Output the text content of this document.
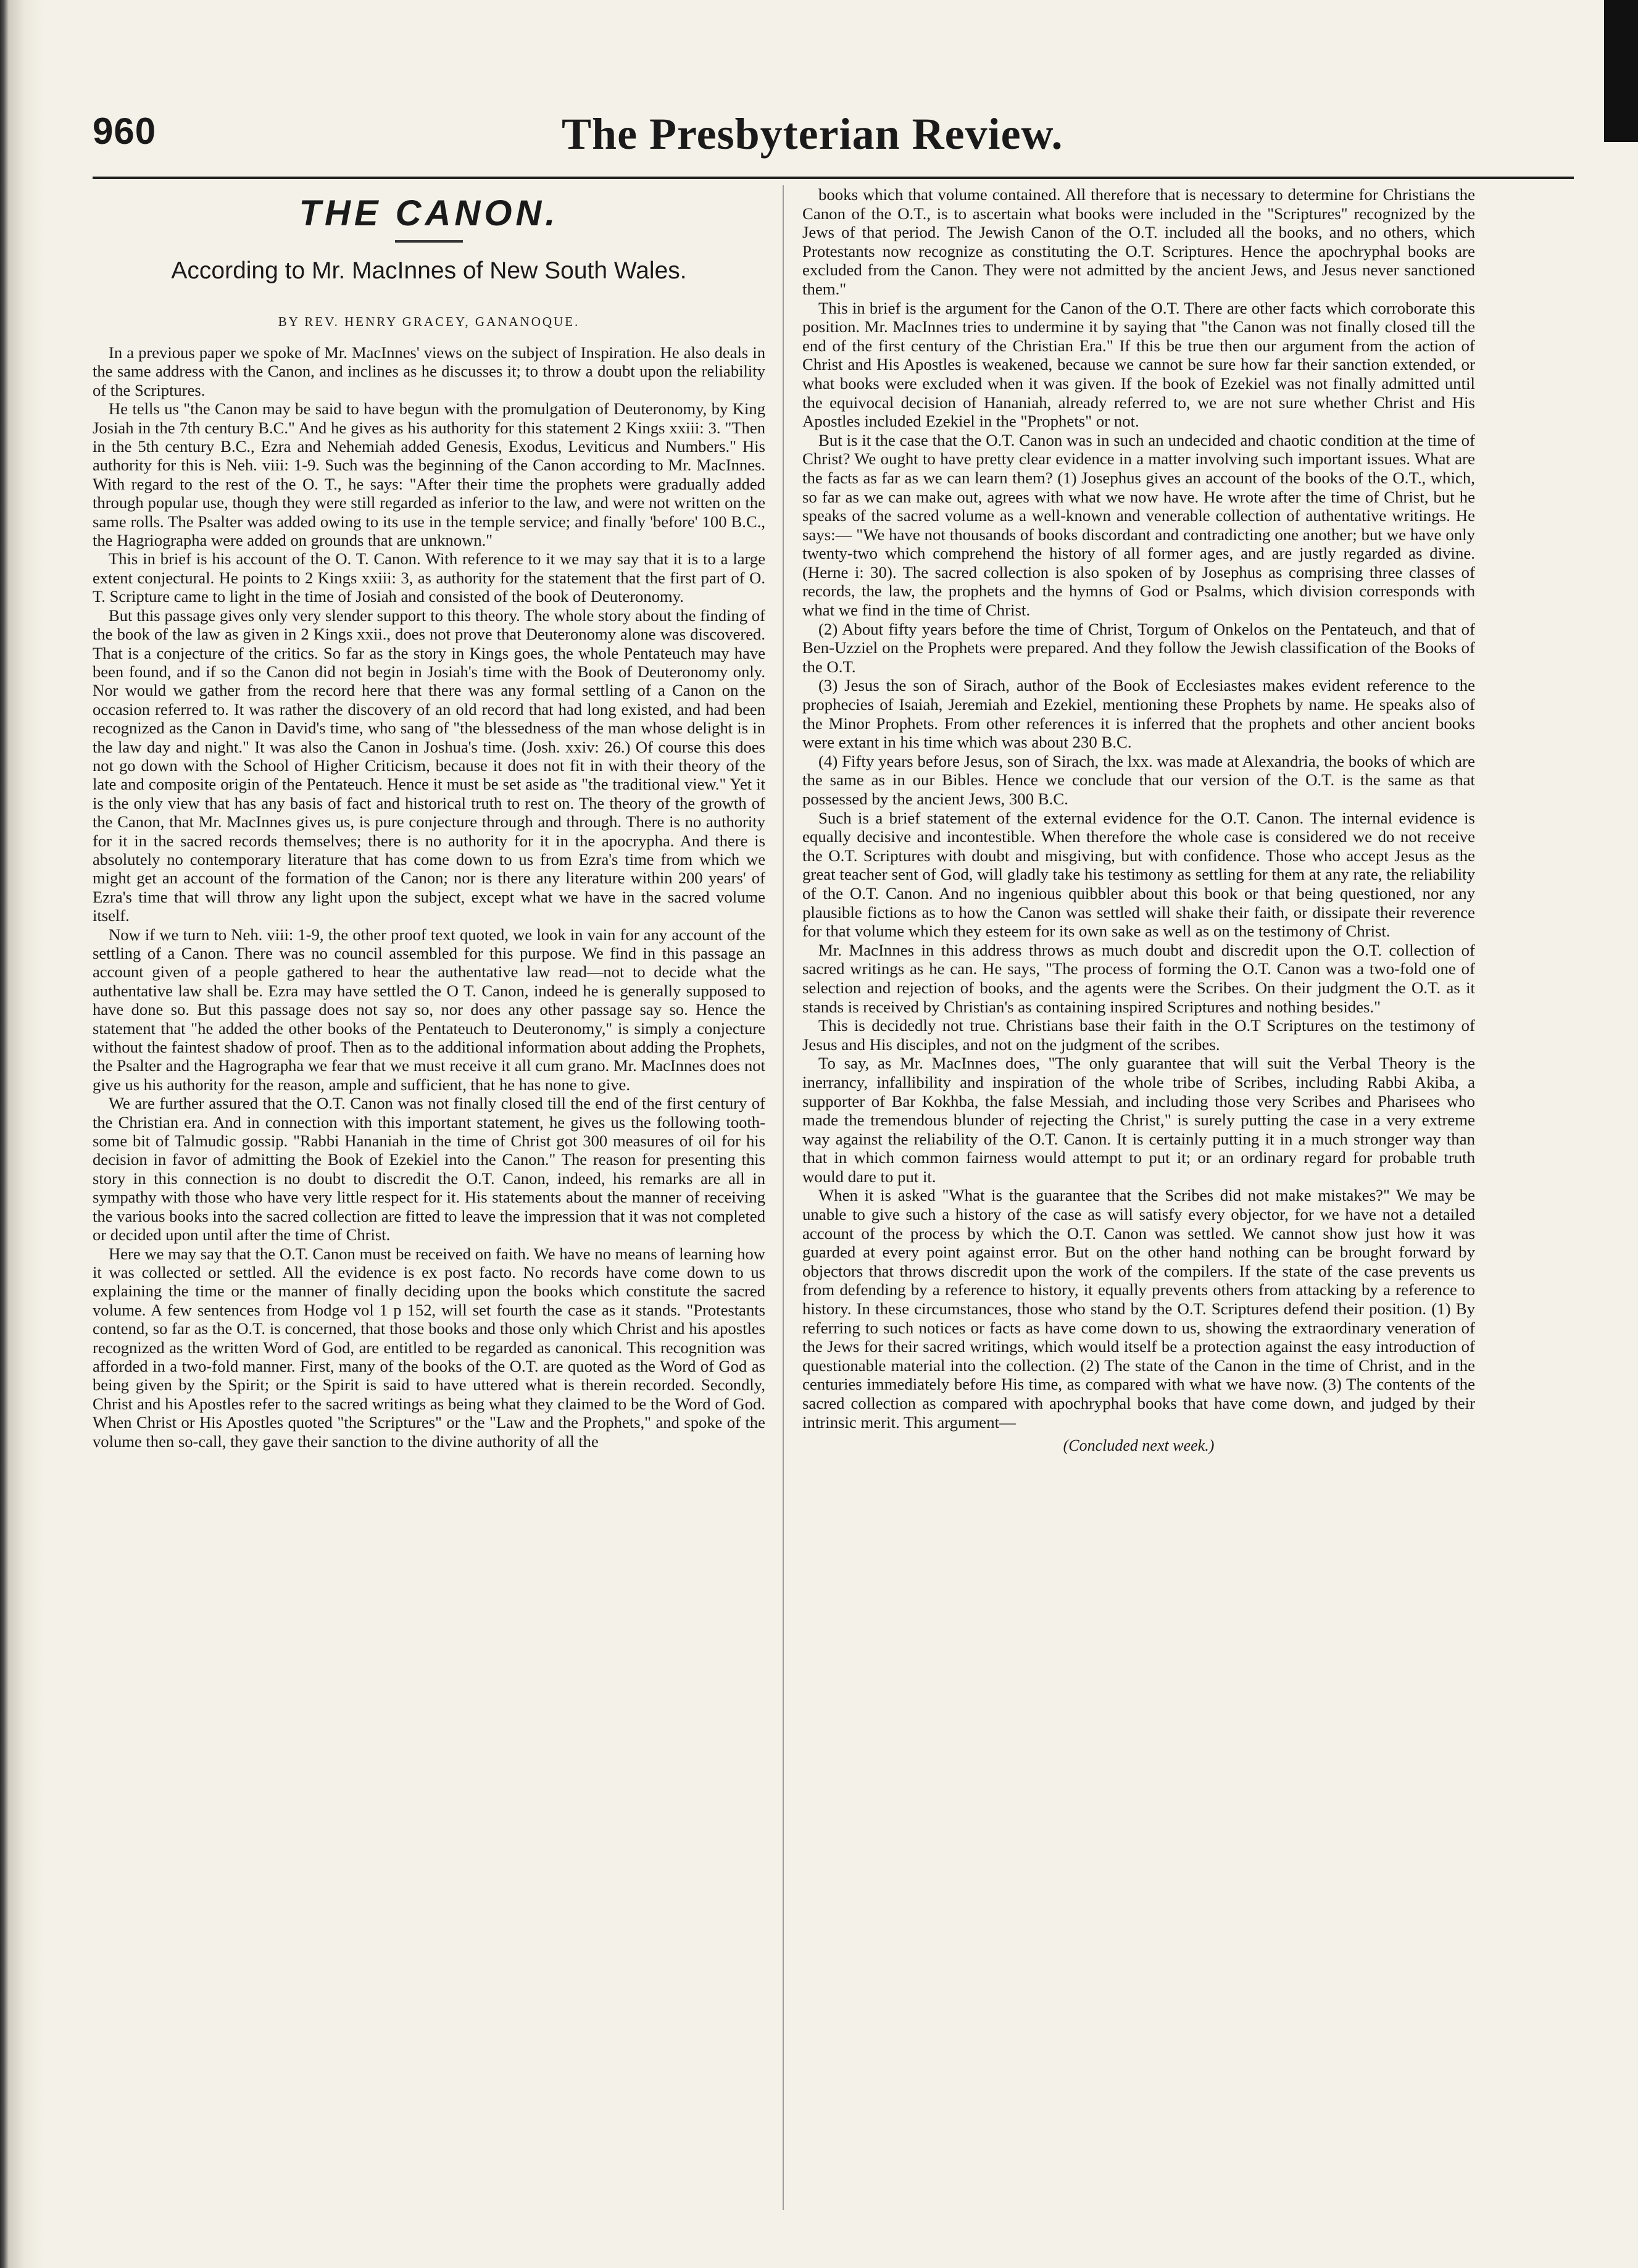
960	The Presbyterian Review.
THE CANON.
According to Mr. MacInnes of New South Wales.
BY REV. HENRY GRACEY, GANANOQUE.

In a previous paper we spoke of Mr. MacInnes' views on the subject of Inspiration. He also deals in the same address with the Canon, and inclines as he discusses it; to throw a doubt upon the reliability of the Scriptures.

He tells us "the Canon may be said to have begun with the promulgation of Deuteronomy, by King Josiah in the 7th century B.C." And he gives as his authority for this statement 2 Kings xxiii: 3. "Then in the 5th century B.C., Ezra and Nehemiah added Genesis, Exodus, Leviticus and Numbers." His authority for this is Neh. viii: 1-9. Such was the beginning of the Canon according to Mr. MacInnes. With regard to the rest of the O. T., he says: "After their time the prophets were gradually added through popular use, though they were still regarded as inferior to the law, and were not written on the same rolls. The Psalter was added owing to its use in the temple service; and finally 'before' 100 B.C., the Hagriographa were added on grounds that are unknown."

This in brief is his account of the O. T. Canon. With reference to it we may say that it is to a large extent conjectural. He points to 2 Kings xxiii: 3, as authority for the statement that the first part of O. T. Scripture came to light in the time of Josiah and consisted of the book of Deuteronomy.

But this passage gives only very slender support to this theory. The whole story about the finding of the book of the law as given in 2 Kings xxii., does not prove that Deuteronomy alone was discovered. That is a conjecture of the critics. So far as the story in Kings goes, the whole Pentateuch may have been found, and if so the Canon did not begin in Josiah's time with the Book of Deuteronomy only. Nor would we gather from the record here that there was any formal settling of a Canon on the occasion referred to. It was rather the discovery of an old record that had long existed, and had been recognized as the Canon in David's time, who sang of "the blessedness of the man whose delight is in the law day and night." It was also the Canon in Joshua's time. (Josh. xxiv: 26.) Of course this does not go down with the School of Higher Criticism, because it does not fit in with their theory of the late and composite origin of the Pentateuch. Hence it must be set aside as "the traditional view." Yet it is the only view that has any basis of fact and historical truth to rest on. The theory of the growth of the Canon, that Mr. MacInnes gives us, is pure conjecture through and through. There is no authority for it in the sacred records themselves; there is no authority for it in the apocrypha. And there is absolutely no contemporary literature that has come down to us from Ezra's time from which we might get an account of the formation of the Canon; nor is there any literature within 200 years' of Ezra's time that will throw any light upon the subject, except what we have in the sacred volume itself.

Now if we turn to Neh. viii: 1-9, the other proof text quoted, we look in vain for any account of the settling of a Canon. There was no council assembled for this purpose. We find in this passage an account given of a people gathered to hear the authentative law read—not to decide what the authentative law shall be. Ezra may have settled the O T. Canon, indeed he is generally supposed to have done so. But this passage does not say so, nor does any other passage say so. Hence the statement that "he added the other books of the Pentateuch to Deuteronomy," is simply a conjecture without the faintest shadow of proof. Then as to the additional information about adding the Prophets, the Psalter and the Hagrographa we fear that we must receive it all cum grano. Mr. MacInnes does not give us his authority for the reason, ample and sufficient, that he has none to give.

We are further assured that the O.T. Canon was not finally closed till the end of the first century of the Christian era. And in connection with this important statement, he gives us the following tooth-some bit of Talmudic gossip. "Rabbi Hananiah in the time of Christ got 300 measures of oil for his decision in favor of admitting the Book of Ezekiel into the Canon." The reason for presenting this story in this connection is no doubt to discredit the O.T. Canon, indeed, his remarks are all in sympathy with those who have very little respect for it. His statements about the manner of receiving the various books into the sacred collection are fitted to leave the impression that it was not completed or decided upon until after the time of Christ.

Here we may say that the O.T. Canon must be received on faith. We have no means of learning how it was collected or settled. All the evidence is ex post facto. No records have come down to us explaining the time or the manner of finally deciding upon the books which constitute the sacred volume. A few sentences from Hodge vol 1 p 152, will set fourth the case as it stands. "Protestants contend, so far as the O.T. is concerned, that those books and those only which Christ and his apostles recognized as the written Word of God, are entitled to be regarded as canonical. This recognition was afforded in a two-fold manner. First, many of the books of the O.T. are quoted as the Word of God as being given by the Spirit; or the Spirit is said to have uttered what is therein recorded. Secondly, Christ and his Apostles refer to the sacred writings as being what they claimed to be the Word of God. When Christ or His Apostles quoted "the Scriptures" or the "Law and the Prophets," and spoke of the volume then so-call, they gave their sanction to the divine authority of all the

books which that volume contained. All therefore that is necessary to determine for Christians the Canon of the O.T., is to ascertain what books were included in the "Scriptures" recognized by the Jews of that period. The Jewish Canon of the O.T. included all the books, and no others, which Protestants now recognize as constituting the O.T. Scriptures. Hence the apochryphal books are excluded from the Canon. They were not admitted by the ancient Jews, and Jesus never sanctioned them."

This in brief is the argument for the Canon of the O.T. There are other facts which corroborate this position. Mr. MacInnes tries to undermine it by saying that "the Canon was not finally closed till the end of the first century of the Christian Era." If this be true then our argument from the action of Christ and His Apostles is weakened, because we cannot be sure how far their sanction extended, or what books were excluded when it was given. If the book of Ezekiel was not finally admitted until the equivocal decision of Hananiah, already referred to, we are not sure whether Christ and His Apostles included Ezekiel in the "Prophets" or not.

But is it the case that the O.T. Canon was in such an undecided and chaotic condition at the time of Christ? We ought to have pretty clear evidence in a matter involving such important issues. What are the facts as far as we can learn them? (1) Josephus gives an account of the books of the O.T., which, so far as we can make out, agrees with what we now have. He wrote after the time of Christ, but he speaks of the sacred volume as a well-known and venerable collection of authentative writings. He says:— "We have not thousands of books discordant and contradicting one another; but we have only twenty-two which comprehend the history of all former ages, and are justly regarded as divine. (Herne i: 30). The sacred collection is also spoken of by Josephus as comprising three classes of records, the law, the prophets and the hymns of God or Psalms, which division corresponds with what we find in the time of Christ.

(2) About fifty years before the time of Christ, Torgum of Onkelos on the Pentateuch, and that of Ben-Uzziel on the Prophets were prepared. And they follow the Jewish classification of the Books of the O.T.

(3) Jesus the son of Sirach, author of the Book of Ecclesiastes makes evident reference to the prophecies of Isaiah, Jeremiah and Ezekiel, mentioning these Prophets by name. He speaks also of the Minor Prophets. From other references it is inferred that the prophets and other ancient books were extant in his time which was about 230 B.C.

(4) Fifty years before Jesus, son of Sirach, the lxx. was made at Alexandria, the books of which are the same as in our Bibles. Hence we conclude that our version of the O.T. is the same as that possessed by the ancient Jews, 300 B.C.

Such is a brief statement of the external evidence for the O.T. Canon. The internal evidence is equally decisive and incontestible. When therefore the whole case is considered we do not receive the O.T. Scriptures with doubt and misgiving, but with confidence. Those who accept Jesus as the great teacher sent of God, will gladly take his testimony as settling for them at any rate, the reliability of the O.T. Canon. And no ingenious quibbler about this book or that being questioned, nor any plausible fictions as to how the Canon was settled will shake their faith, or dissipate their reverence for that volume which they esteem for its own sake as well as on the testimony of Christ.

Mr. MacInnes in this address throws as much doubt and discredit upon the O.T. collection of sacred writings as he can. He says, "The process of forming the O.T. Canon was a two-fold one of selection and rejection of books, and the agents were the Scribes. On their judgment the O.T. as it stands is received by Christian's as containing inspired Scriptures and nothing besides."

This is decidedly not true. Christians base their faith in the O.T Scriptures on the testimony of Jesus and His disciples, and not on the judgment of the scribes.

To say, as Mr. MacInnes does, "The only guarantee that will suit the Verbal Theory is the inerrancy, infallibility and inspiration of the whole tribe of Scribes, including Rabbi Akiba, a supporter of Bar Kokhba, the false Messiah, and including those very Scribes and Pharisees who made the tremendous blunder of rejecting the Christ," is surely putting the case in a very extreme way against the reliability of the O.T. Canon. It is certainly putting it in a much stronger way than that in which common fairness would attempt to put it; or an ordinary regard for probable truth would dare to put it.

When it is asked "What is the guarantee that the Scribes did not make mistakes?" We may be unable to give such a history of the case as will satisfy every objector, for we have not a detailed account of the process by which the O.T. Canon was settled. We cannot show just how it was guarded at every point against error. But on the other hand nothing can be brought forward by objectors that throws discredit upon the work of the compilers. If the state of the case prevents us from defending by a reference to history, it equally prevents others from attacking by a reference to history. In these circumstances, those who stand by the O.T. Scriptures defend their position. (1) By referring to such notices or facts as have come down to us, showing the extraordinary veneration of the Jews for their sacred writings, which would itself be a protection against the easy introduction of questionable material into the collection. (2) The state of the Canon in the time of Christ, and in the centuries immediately before His time, as compared with what we have now. (3) The contents of the sacred collection as compared with apochryphal books that have come down, and judged by their intrinsic merit. This argument—

(Concluded next week.)
